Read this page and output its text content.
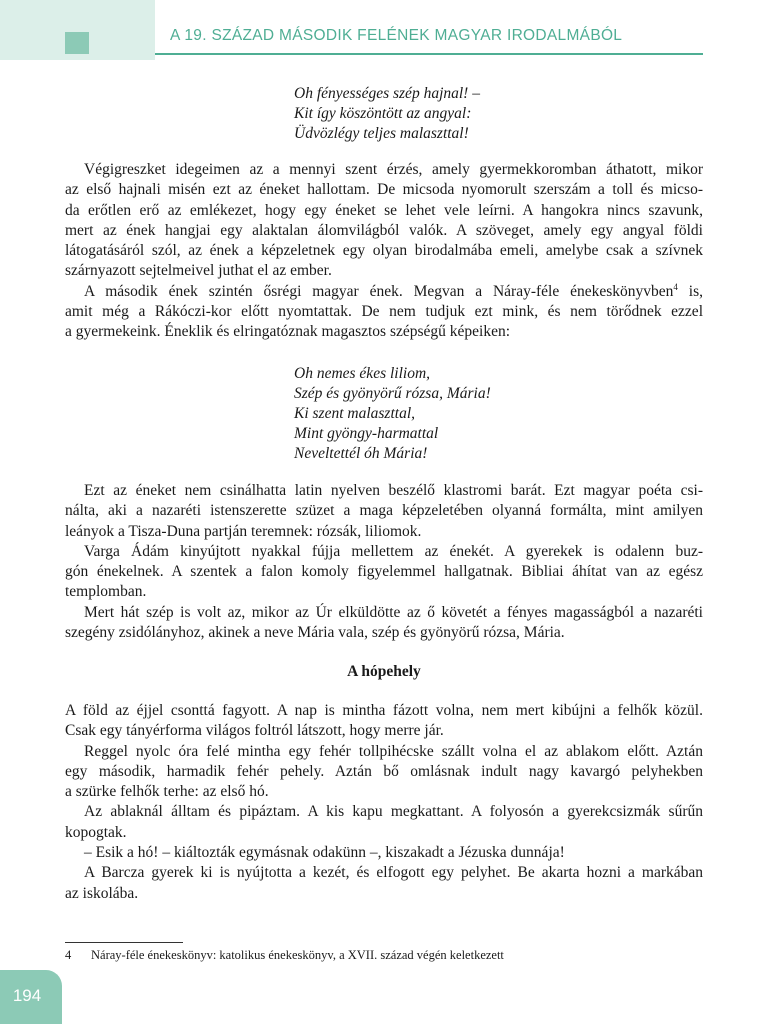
A 19. SZÁZAD MÁSODIK FELÉNEK MAGYAR IRODALMÁBÓL
Oh fényességes szép hajnal! –
Kit így köszöntött az angyal:
Üdvözlégy teljes malaszttal!
Végigreszket idegeimen az a mennyi szent érzés, amely gyermekkoromban áthatott, mikor
az első hajnali misén ezt az éneket hallottam. De micsoda nyomorult szerszám a toll és micso-
da erőtlen erő az emlékezet, hogy egy éneket se lehet vele leírni. A hangokra nincs szavunk,
mert az ének hangjai egy alaktalan álomvilágból valók. A szöveget, amely egy angyal földi
látogatásáról szól, az ének a képzeletnek egy olyan birodalmába emeli, amelybe csak a szívnek
szárnyazott sejtelmeivel juthat el az ember.
A második ének szintén ősrégi magyar ének. Megvan a Náray-féle énekeskönyvben$^4$ is,
amit még a Rákóczi-kor előtt nyomtattak. De nem tudjuk ezt mink, és nem törődnek ezzel
a gyermekeink. Éneklik és elringatóznak magasztos szépségű képeiken:
Oh nemes ékes liliom,
Szép és gyönyörű rózsa, Mária!
Ki szent malaszttal,
Mint gyöngy-harmattal
Neveltettél óh Mária!
Ezt az éneket nem csinálhatta latin nyelven beszélő klastromi barát. Ezt magyar poéta csi-
nálta, aki a nazaréti istenszerette szüzet a maga képzeletében olyanná formálta, mint amilyen
leányok a Tisza-Duna partján teremnek: rózsák, liliomok.
Varga Ádám kinyújtott nyakkal fújja mellettem az énekét. A gyerekek is odalenn buz-
gón énekelnek. A szentek a falon komoly figyelemmel hallgatnak. Bibliai áhítat van az egész
templomban.
Mert hát szép is volt az, mikor az Úr elküldötte az ő követét a fényes magasságból a nazaréti
szegény zsidólányhoz, akinek a neve Mária vala, szép és gyönyörű rózsa, Mária.
A hópehely
A föld az éjjel csonttá fagyott. A nap is mintha fázott volna, nem mert kibújni a felhők közül.
Csak egy tányérforma világos foltról látszott, hogy merre jár.
Reggel nyolc óra felé mintha egy fehér tollpihécske szállt volna el az ablakom előtt. Aztán
egy második, harmadik fehér pehely. Aztán bő omlásnak indult nagy kavargó pelyhekben
a szürke felhők terhe: az első hó.
Az ablaknál álltam és pipáztam. A kis kapu megkattant. A folyosón a gyerekcsizmák sűrűn
kopogtak.
– Esik a hó! – kiáltozták egymásnak odakünn –, kiszakadt a Jézuska dunnája!
A Barcza gyerek ki is nyújtotta a kezét, és elfogott egy pelyhet. Be akarta hozni a markában
az iskolába.
4 Náray-féle énekeskönyv: katolikus énekeskönyv, a XVII. század végén keletkezett
194
